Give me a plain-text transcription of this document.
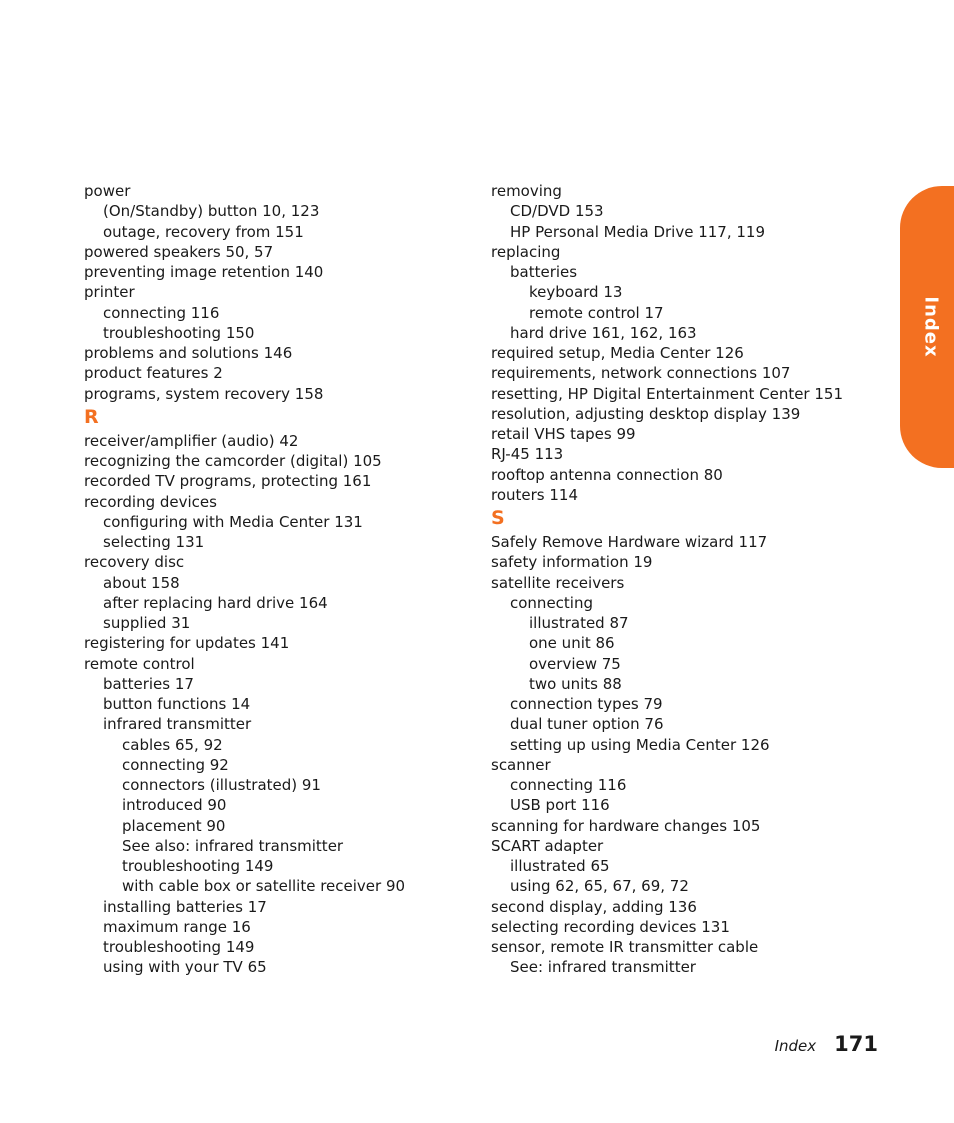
power
(On/Standby) button 10, 123
outage, recovery from 151
powered speakers 50, 57
preventing image retention 140
printer
connecting 116
troubleshooting 150
problems and solutions 146
product features 2
programs, system recovery 158
R
receiver/amplifier (audio) 42
recognizing the camcorder (digital) 105
recorded TV programs, protecting 161
recording devices
configuring with Media Center 131
selecting 131
recovery disc
about 158
after replacing hard drive 164
supplied 31
registering for updates 141
remote control
batteries 17
button functions 14
infrared transmitter
cables 65, 92
connecting 92
connectors (illustrated) 91
introduced 90
placement 90
See also: infrared transmitter
troubleshooting 149
with cable box or satellite receiver 90
installing batteries 17
maximum range 16
troubleshooting 149
using with your TV 65
removing
CD/DVD 153
HP Personal Media Drive 117, 119
replacing
batteries
keyboard 13
remote control 17
hard drive 161, 162, 163
required setup, Media Center 126
requirements, network connections 107
resetting, HP Digital Entertainment Center 151
resolution, adjusting desktop display 139
retail VHS tapes 99
RJ-45 113
rooftop antenna connection 80
routers 114
S
Safely Remove Hardware wizard 117
safety information 19
satellite receivers
connecting
illustrated 87
one unit 86
overview 75
two units 88
connection types 79
dual tuner option 76
setting up using Media Center 126
scanner
connecting 116
USB port 116
scanning for hardware changes 105
SCART adapter
illustrated 65
using 62, 65, 67, 69, 72
second display, adding 136
selecting recording devices 131
sensor, remote IR transmitter cable
See: infrared transmitter
Index
Index 171
